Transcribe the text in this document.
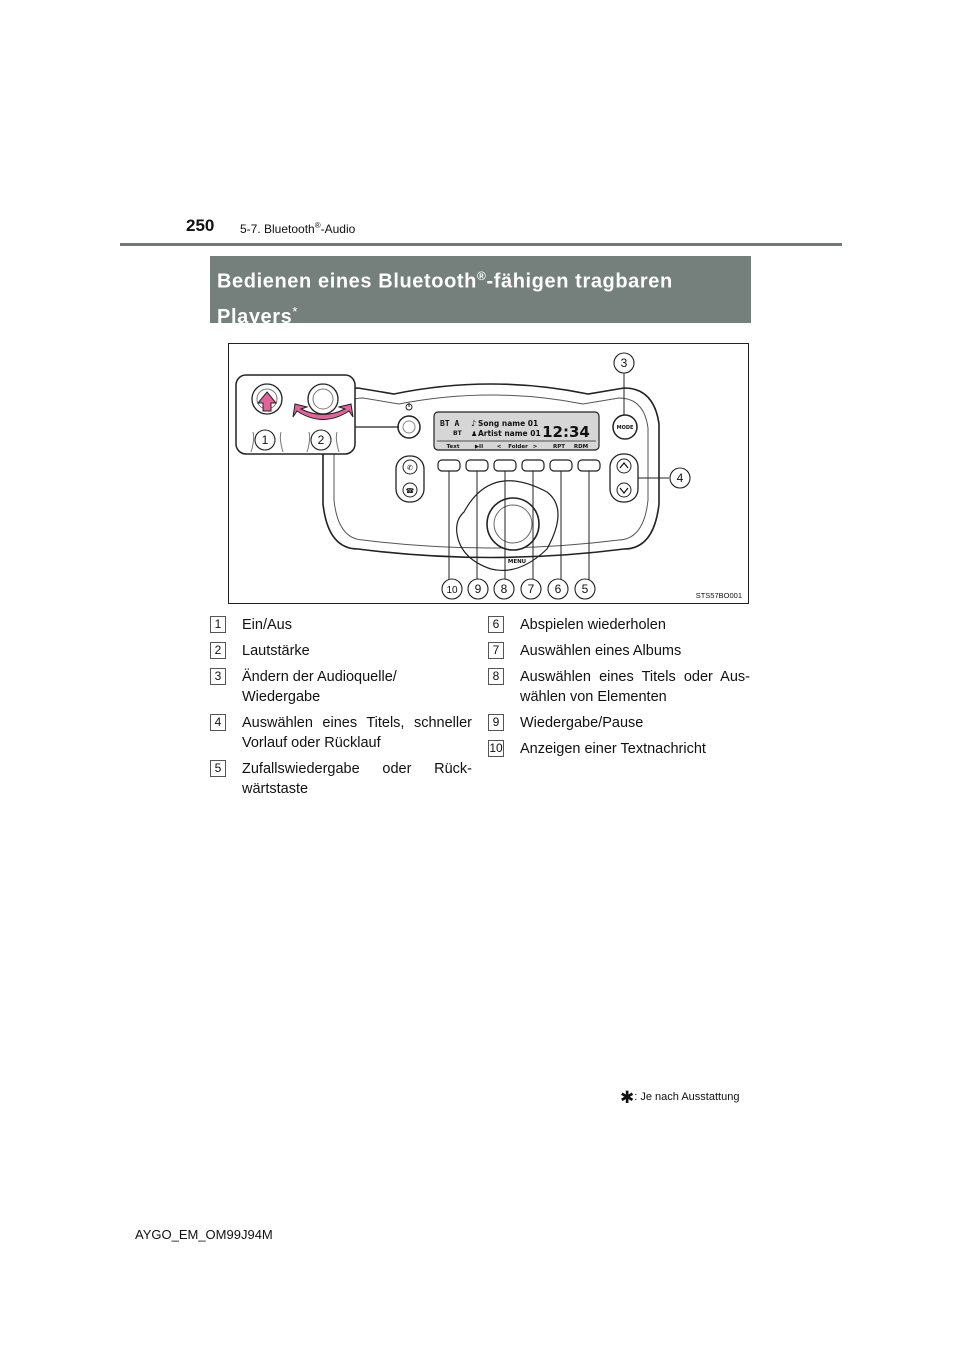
250 5-7. Bluetooth®-Audio
Bedienen eines Bluetooth®-fähigen tragbaren
Players*
BT A
BT
♪ Song name 01
♟ Artist name 01 12:34
Text	▶II < Folder >	RPT RDM
MODE
✆
☎
MENU
1	2
3
4
5
6
7
8
9
10	STS57BO001
1	Ein/Aus
2	Lautstärke
3	Ändern der Audioquelle/
Wiedergabe
4	Auswählen eines Titels, schneller
Vorlauf oder Rücklauf
5	Zufallswiedergabe oder Rück-
wärtstaste
6	Abspielen wiederholen
7	Auswählen eines Albums
8	Auswählen eines Titels oder Aus-
wählen von Elementen
9	Wiedergabe/Pause
10 Anzeigen einer Textnachricht
✱: Je nach Ausstattung
AYGO_EM_OM99J94M
